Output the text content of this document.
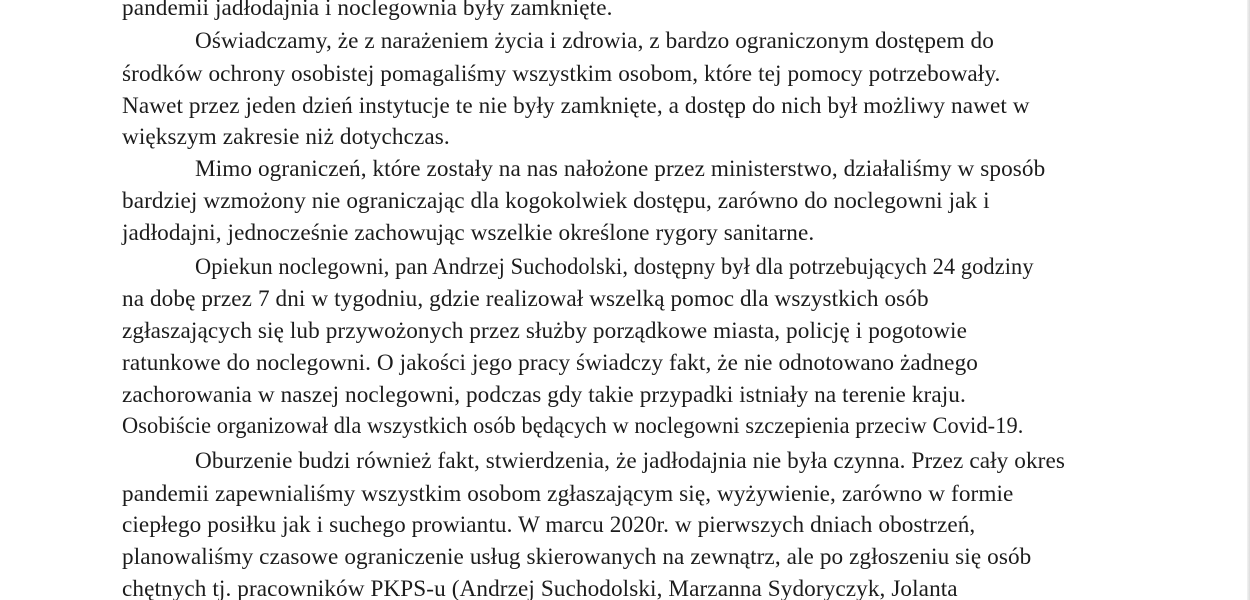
pandemii jadłodajnia i noclegownia były zamknięte.
Oświadczamy, że z narażeniem życia i zdrowia, z bardzo ograniczonym dostępem do
środków ochrony osobistej pomagaliśmy wszystkim osobom, które tej pomocy potrzebowały.
Nawet przez jeden dzień instytucje te nie były zamknięte, a dostęp do nich był możliwy nawet w
większym zakresie niż dotychczas.
Mimo ograniczeń, które zostały na nas nałożone przez ministerstwo, działaliśmy w sposób
bardziej wzmożony nie ograniczając dla kogokolwiek dostępu, zarówno do noclegowni jak i
jadłodajni, jednocześnie zachowując wszelkie określone rygory sanitarne.
Opiekun noclegowni, pan Andrzej Suchodolski, dostępny był dla potrzebujących 24 godziny
na dobę przez 7 dni w tygodniu, gdzie realizował wszelką pomoc dla wszystkich osób
zgłaszających się lub przywożonych przez służby porządkowe miasta, policję i pogotowie
ratunkowe do noclegowni. O jakości jego pracy świadczy fakt, że nie odnotowano żadnego
zachorowania w naszej noclegowni, podczas gdy takie przypadki istniały na terenie kraju.
Osobiście organizował dla wszystkich osób będących w noclegowni szczepienia przeciw Covid-19.
Oburzenie budzi również fakt, stwierdzenia, że jadłodajnia nie była czynna. Przez cały okres
pandemii zapewnialiśmy wszystkim osobom zgłaszającym się, wyżywienie, zarówno w formie
ciepłego posiłku jak i suchego prowiantu. W marcu 2020r. w pierwszych dniach obostrzeń,
planowaliśmy czasowe ograniczenie usług skierowanych na zewnątrz, ale po zgłoszeniu się osób
chętnych tj. pracowników PKPS-u (Andrzej Suchodolski, Marzanna Sydoryczyk, Jolanta
